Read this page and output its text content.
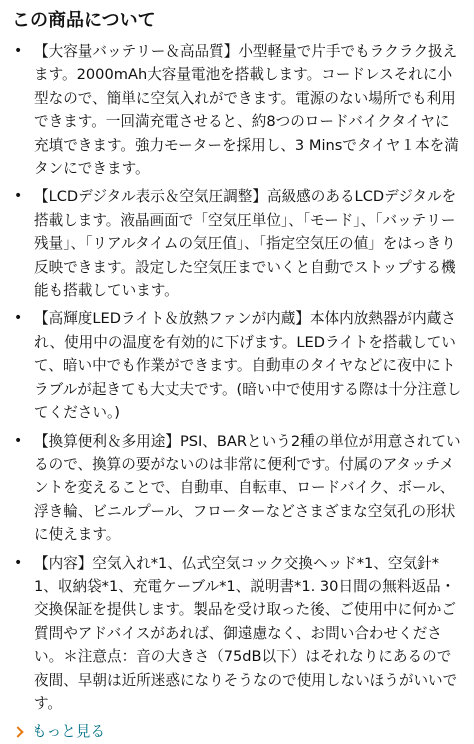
この商品について
• 【大容量バッテリー＆高品質】小型軽量で片手でもラクラク扱えます。2000mAh大容量電池を搭載します。コードレスそれに小型なので、簡単に空気入れができます。電源のない場所でも利用できます。一回満充電させると、約8つのロードバイクタイヤに充填できます。強力モーターを採用し、3 Minsでタイヤ１本を満タンにできます。
• 【LCDデジタル表示＆空気圧調整】高級感のあるLCDデジタルを搭載します。液晶画面で「空気圧単位」、「モード」、「バッテリー残量」、「リアルタイムの気圧值」、「指定空気圧の値」をはっきり反映できます。設定した空気圧までいくと自動でストップする機能も搭載しています。
• 【高輝度LEDライト＆放熱ファンが内蔵】本体内放熱器が内蔵され、使用中の温度を有効的に下げます。LEDライトを搭載していて、暗い中でも作業ができます。自動車のタイヤなどに夜中にトラブルが起きても大丈夫です。(暗い中で使用する際は十分注意してください。)
• 【換算便利＆多用途】PSI、BARという2種の単位が用意されているので、換算の要がないのは非常に便利です。付属のアタッチメントを変えることで、自動車、自転車、ロードバイク、ボール、浮き輪、ビニルプール、フローターなどさまざまな空気孔の形状に使えます。
• 【内容】空気入れ*1、仏式空気コック交換ヘッド*1、空気針*1、収納袋*1、充電ケーブル*1、説明書*1. 30日間の無料返品・交換保証を提供します。製品を受け取った後、ご使用中に何かご質問やアドバイスがあれば、御遠慮なく、お問い合わせください。＊注意点：音の大きさ（75dB以下）はそれなりにあるので夜間、早朝は近所迷惑になりそうなので使用しないほうがいいです。
もっと見る
